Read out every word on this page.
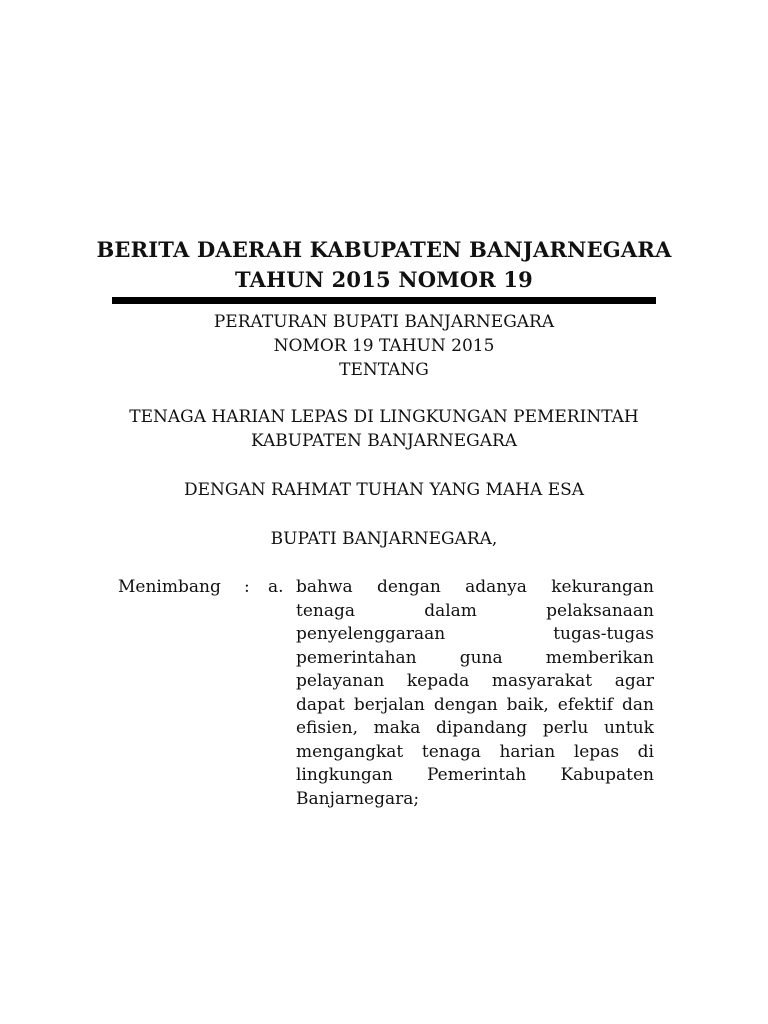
BERITA DAERAH KABUPATEN BANJARNEGARA
TAHUN 2015 NOMOR 19
PERATURAN BUPATI BANJARNEGARA
NOMOR 19 TAHUN 2015
TENTANG
TENAGA HARIAN LEPAS DI LINGKUNGAN PEMERINTAH
KABUPATEN BANJARNEGARA
DENGAN RAHMAT TUHAN YANG MAHA ESA
BUPATI BANJARNEGARA,
Menimbang : a. bahwa dengan adanya kekurangan
tenaga	dalam	pelaksanaan
penyelenggaraan	tugas-tugas
pemerintahan	guna	memberikan
pelayanan kepada masyarakat agar
dapat berjalan dengan baik, efektif dan
efisien, maka dipandang perlu untuk
mengangkat tenaga harian lepas di
lingkungan Pemerintah Kabupaten
Banjarnegara;
